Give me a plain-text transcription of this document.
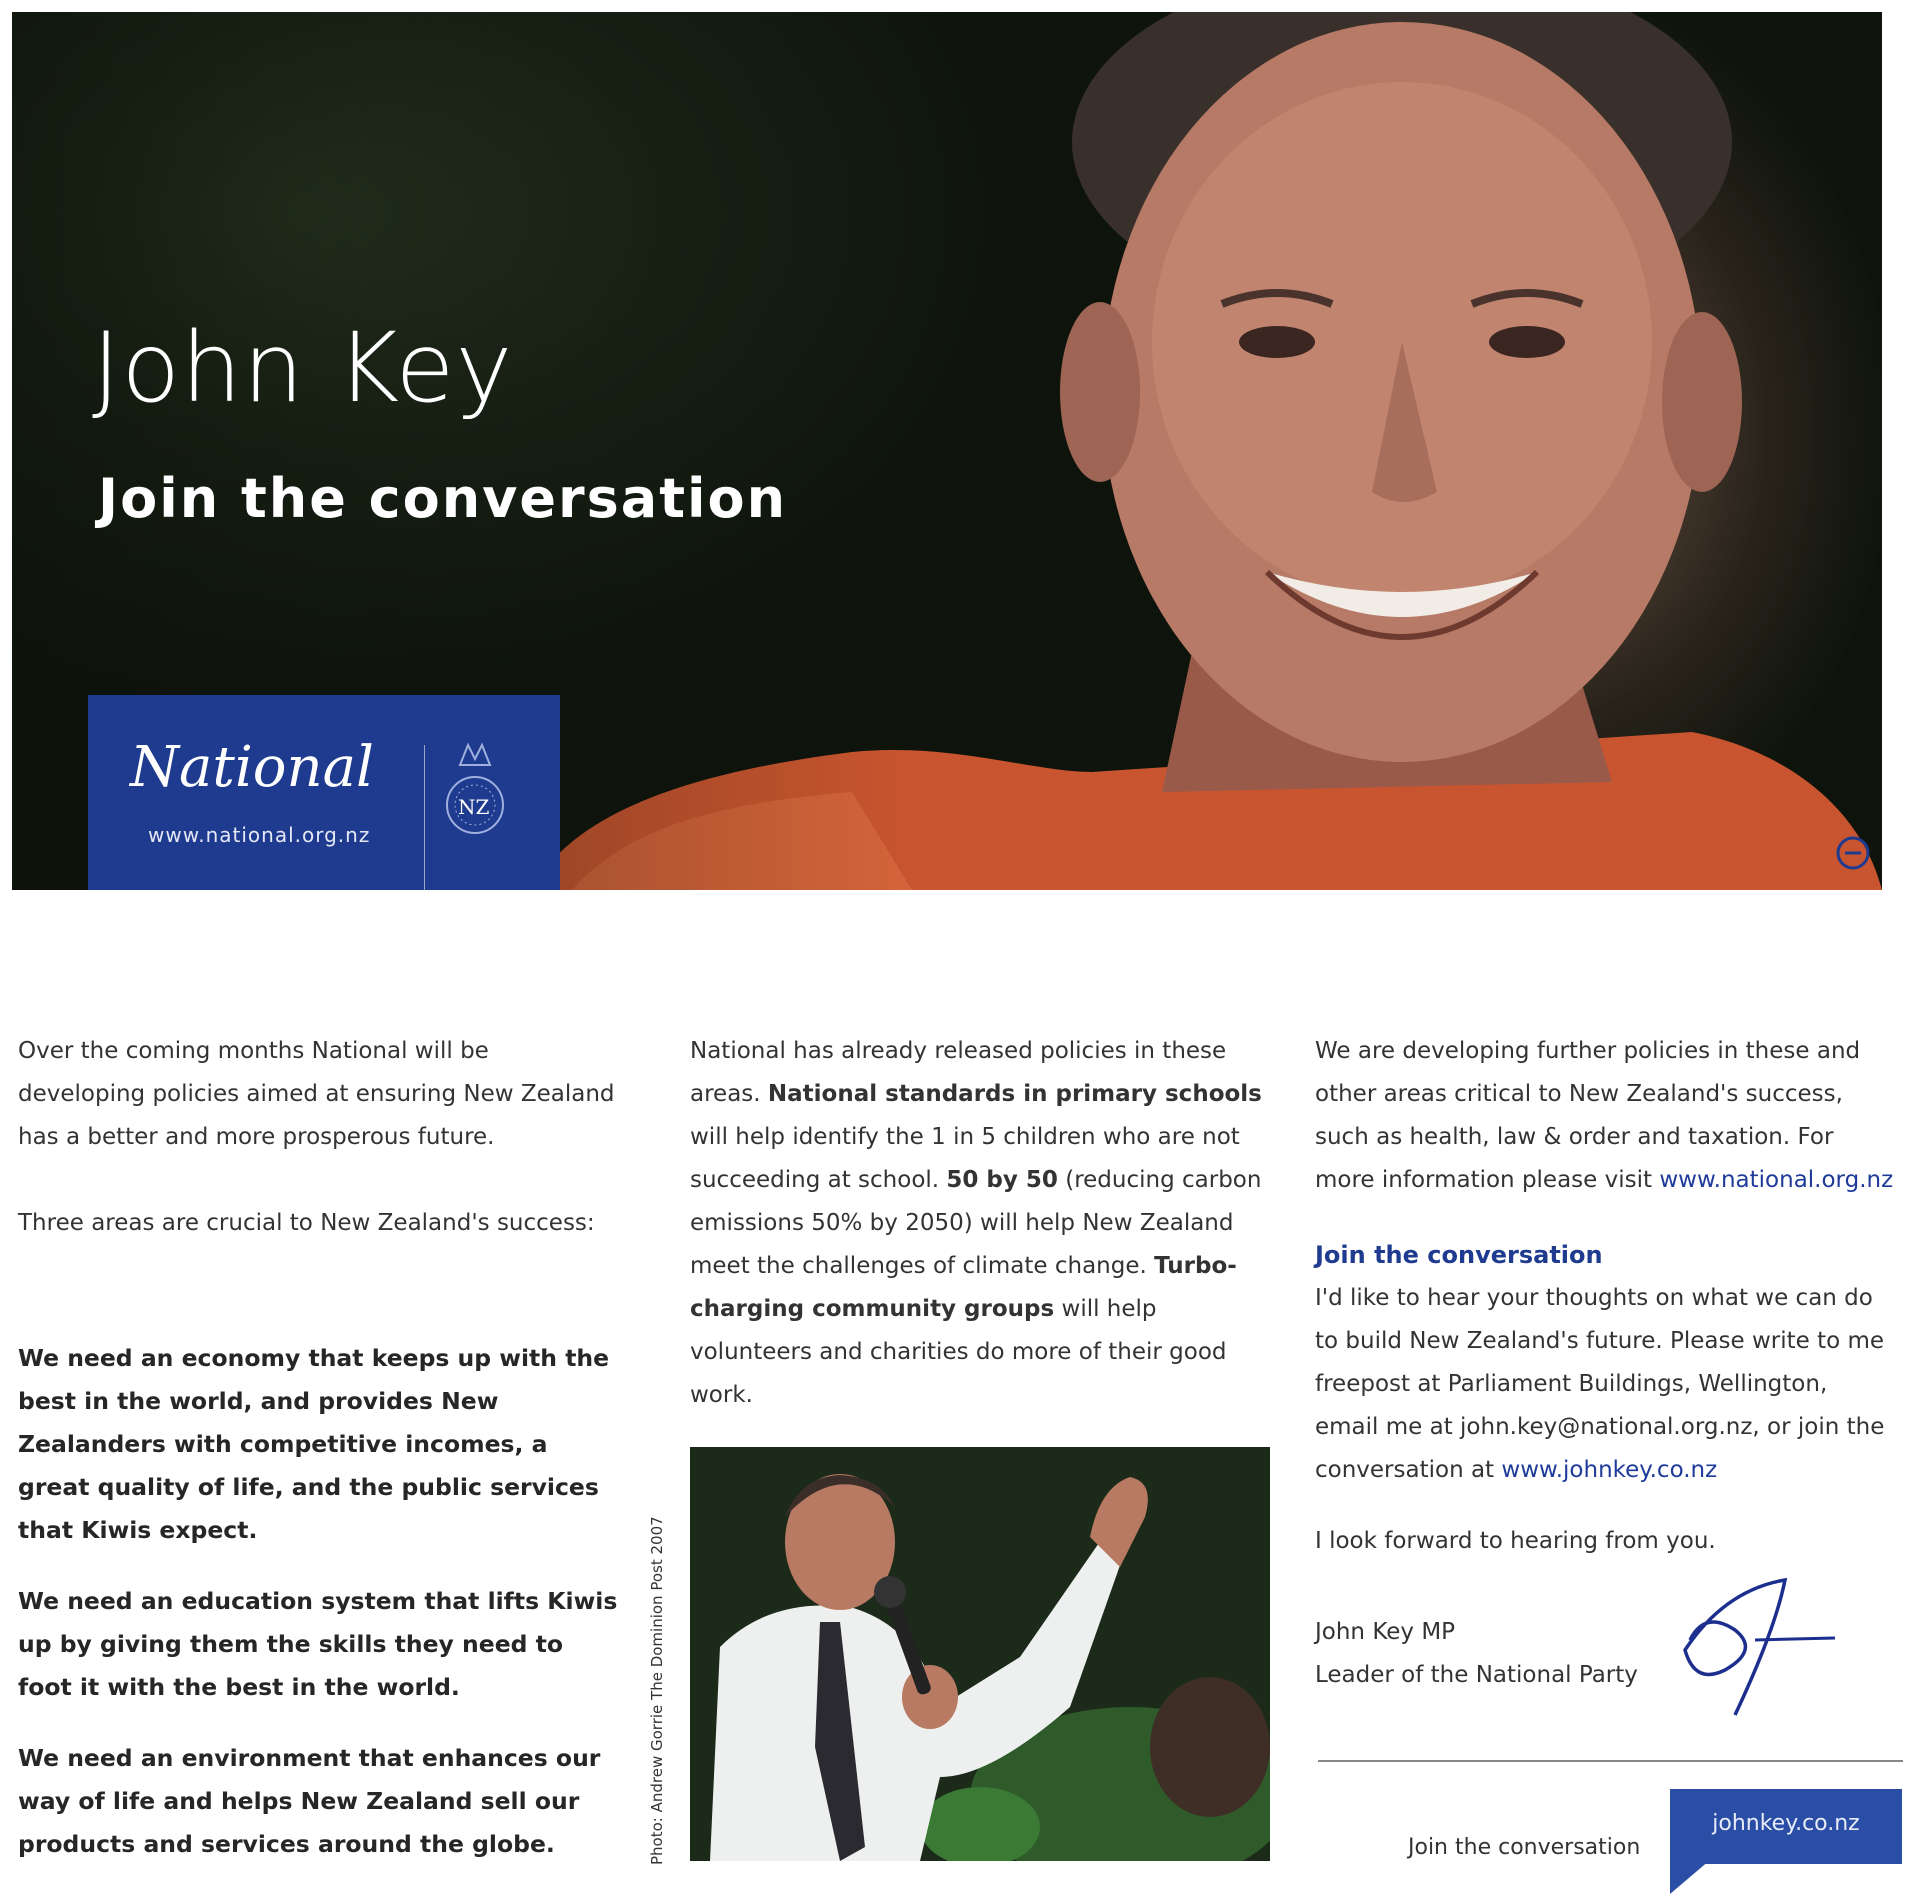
John Key
Join the conversation
National
www.national.org.nz
NZ

Over the coming months National will be developing policies aimed at ensuring New Zealand has a better and more prosperous future.

Three areas are crucial to New Zealand's success:

We need an economy that keeps up with the best in the world, and provides New Zealanders with competitive incomes, a great quality of life, and the public services that Kiwis expect.

We need an education system that lifts Kiwis up by giving them the skills they need to foot it with the best in the world.

We need an environment that enhances our way of life and helps New Zealand sell our products and services around the globe.

National has already released policies in these areas. National standards in primary schools will help identify the 1 in 5 children who are not succeeding at school. 50 by 50 (reducing carbon emissions 50% by 2050) will help New Zealand meet the challenges of climate change. Turbo-charging community groups will help volunteers and charities do more of their good work.

Photo: Andrew Gorrie The Dominion Post 2007

We are developing further policies in these and other areas critical to New Zealand's success, such as health, law & order and taxation. For more information please visit www.national.org.nz

Join the conversation

I'd like to hear your thoughts on what we can do to build New Zealand's future. Please write to me freepost at Parliament Buildings, Wellington, email me at john.key@national.org.nz, or join the conversation at www.johnkey.co.nz

I look forward to hearing from you.

John Key MP

Leader of the National Party

Join the conversation
johnkey.co.nz
